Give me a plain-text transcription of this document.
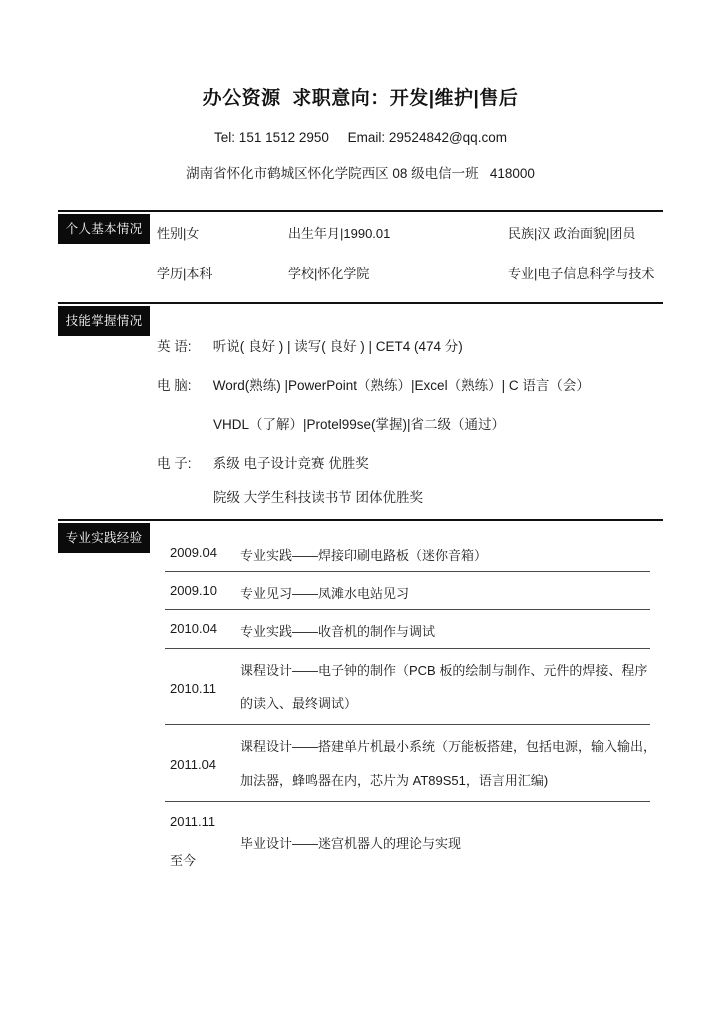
办公资源  求职意向：开发|维护|售后
Tel: 151 1512 2950     Email: 29524842@qq.com
湖南省怀化市鹤城区怀化学院西区 08 级电信一班   418000
个人基本情况	性别|女	出生年月|1990.01	民族|汉 政治面貌|团员
学历|本科	学校|怀化学院	专业|电子信息科学与技术
技能掌握情况
英 语: 听说( 良好 ) | 读写( 良好 ) | CET4 (474 分)
电 脑: Word(熟练) |PowerPoint（熟练）|Excel（熟练）| C 语言（会）
VHDL（了解）|Protel99se(掌握)|省二级（通过）
电 子: 系级 电子设计竞赛 优胜奖
院级 大学生科技读书节 团体优胜奖
专业实践经验
2009.04 专业实践——焊接印刷电路板（迷你音箱）
2009.10 专业见习——凤滩水电站见习
2010.04 专业实践——收音机的制作与调试
2010.11
课程设计——电子钟的制作（PCB 板的绘制与制作、元件的焊接、程序
的读入、最终调试）
2011.04
课程设计——搭建单片机最小系统（万能板搭建，包括电源，输入输出，
加法器，蜂鸣器在内，芯片为 AT89S51，语言用汇编)
2011.11
至今
毕业设计——迷宫机器人的理论与实现
